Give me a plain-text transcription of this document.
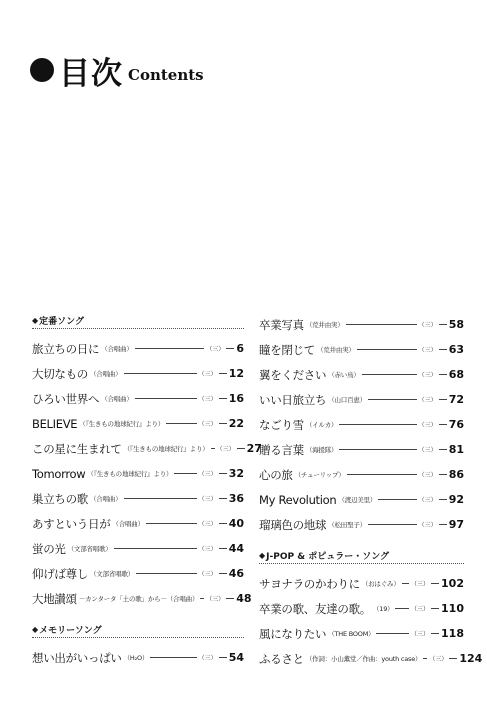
目次 Contents
◆ 定番ソング
旅立ちの日に （合唱曲）	（三） 6
大切なもの （合唱曲）	（三） 12
ひろい世界へ （合唱曲）	（三） 16
BELIEVE （『生きもの地球紀行』より）	（三） 22
この星に生まれて （『生きもの地球紀行』より） （三） 27
Tomorrow （『生きもの地球紀行』より）	（三） 32
巣立ちの歌 （合唱曲）	（三） 36
あすという日が （合唱曲）	（三） 40
蛍の光 （文部省唱歌）	（三） 44
仰げば尊し （文部省唱歌）	（三） 46
大地讃頌 －カンタータ「土の歌」から－（合唱曲） （三） 48
◆ メモリーソング
想い出がいっぱい （H₂O）	（三） 54
卒業写真 （荒井由実）	（三） 58
瞳を閉じて （荒井由実）	（三） 63
翼をください （赤い鳥）	（三） 68
いい日旅立ち （山口百恵）	（三） 72
なごり雪 （イルカ）	（三） 76
贈る言葉 （海援隊）	（三） 81
心の旅 （チューリップ）	（三） 86
My Revolution （渡辺美里）	（三） 92
瑠璃色の地球 （松田聖子）	（三） 97
◆ J-POP & ポピュラー・ソング
サヨナラのかわりに （おはぐみ） （三） 102
卒業の歌、友達の歌。 （19）	（三） 110
風になりたい （THE BOOM）	（三） 118
ふるさと （作詞：小山薫堂／作曲：youth case） （三） 124
